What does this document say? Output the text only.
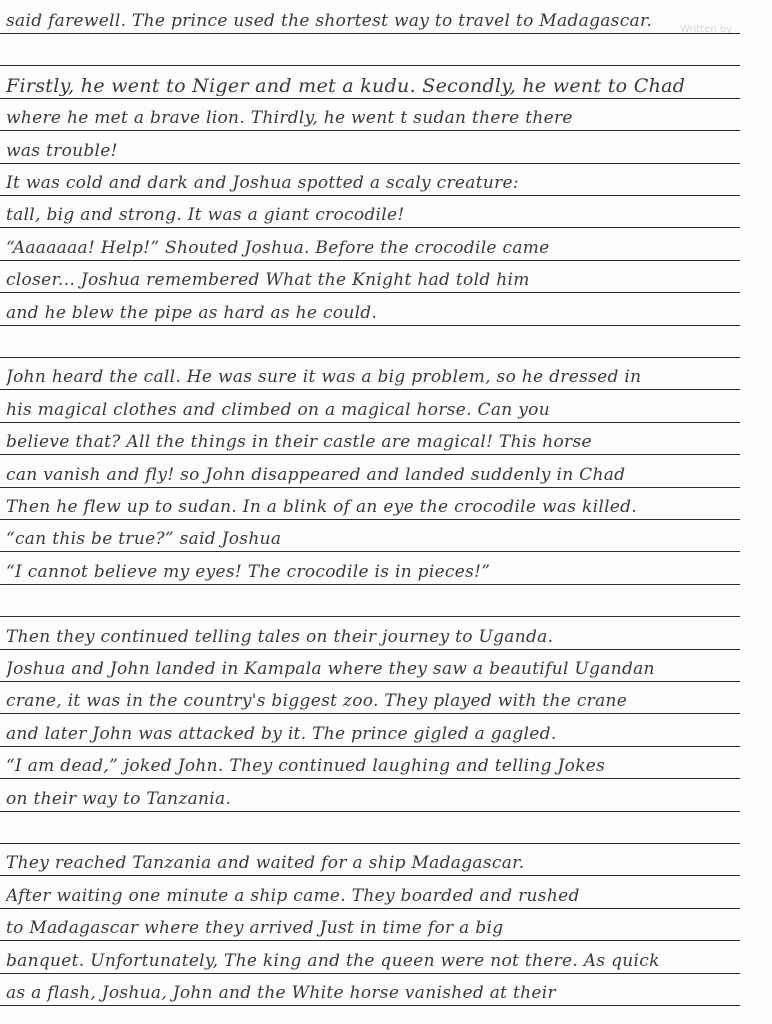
Written by
said farewell. The prince used the shortest way to travel to Madagascar.
Firstly, he went to Niger and met a kudu. Secondly, he went to Chad
where he met a brave lion. Thirdly, he went t sudan there there
was trouble!
It was cold and dark and Joshua spotted a scaly creature:
tall, big and strong. It was a giant crocodile!
“Aaaaaaa! Help!” Shouted Joshua. Before the crocodile came
closer... Joshua remembered What the Knight had told him
and he blew the pipe as hard as he could.
John heard the call. He was sure it was a big problem, so he dressed in
his magical clothes and climbed on a magical horse. Can you
believe that? All the things in their castle are magical! This horse
can vanish and fly! so John disappeared and landed suddenly in Chad
Then he flew up to sudan. In a blink of an eye the crocodile was killed.
“can this be true?” said Joshua
“I cannot believe my eyes! The crocodile is in pieces!”
Then they continued telling tales on their journey to Uganda.
Joshua and John landed in Kampala where they saw a beautiful Ugandan
crane, it was in the country's biggest zoo. They played with the crane
and later John was attacked by it. The prince gigled a gagled.
“I am dead,” joked John. They continued laughing and telling Jokes
on their way to Tanzania.
They reached Tanzania and waited for a ship Madagascar.
After waiting one minute a ship came. They boarded and rushed
to Madagascar where they arrived Just in time for a big
banquet. Unfortunately, The king and the queen were not there. As quick
as a flash, Joshua, John and the White horse vanished at their
